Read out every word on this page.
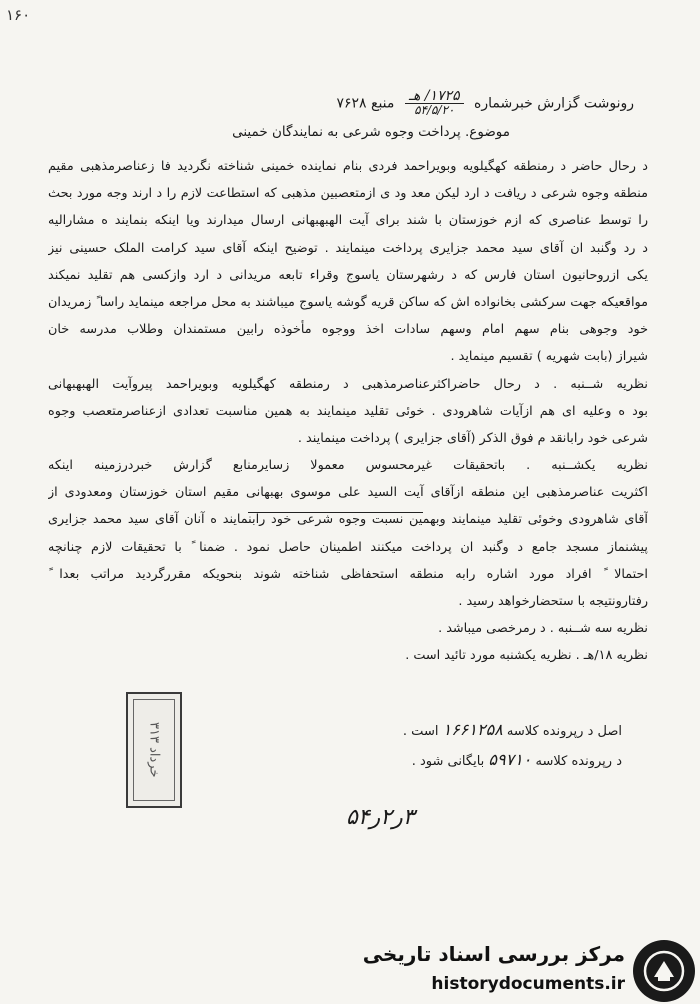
۱۶۰
رونوشت گزارش خبرشماره
۱۷۲۵/ هـ
۵۴/۵/۲۰
منبع ۷۶۲۸
موضوع. پرداخت وجوه شرعی به نمایندگان خمینی
د رحال حاضر د رمنطقه کهگیلویه وبویراحمد فردی بنام نماینده خمینی شناخته نگردید فا زعناصرمذهبی مقیم
منطقه وجوه شرعی د ریافت د ارد لیکن معد ود ی ازمتعصبین مذهبی که استطاعت لازم را د ارند وجه مورد بحث
را توسط عناصری که ازم خوزستان با شند برای آیت الهبهبهانی ارسال میدارند ویا اینکه بنمایند ه مشارالیه
د رد وگنبد ان آقای سید محمد جزایری پرداخت مینمایند . توضیح اینکه آقای سید کرامت الملک حسینی نیز
یکی ازروحانیون استان فارس که د رشهرستان یاسوج وقراء تابعه مریدانی د ارد وازکسی هم تقلید نمیکند
مواقعیکه جهت سرکشی بخانواده اش که ساکن قریه گوشه یاسوج میباشند به محل مراجعه مینماید راسا ً زمریدان
خود وجوهی بنام سهم امام وسهم سادات اخذ ووجوه مأخوذه رابین مستمندان وطلاب مدرسه خان
شیراز (بابت شهریه ) تقسیم مینماید .
نظریه شــنبه . د رحال حاضراکثرعناصرمذهبی د رمنطقه کهگیلویه وبویراحمد پیروآیت الهبهبهانی
بود ه وعلیه ای هم ازآیات شاهرودی . خوئی تقلید مینمایند به همین مناسبت تعدادی ازعناصرمتعصب وجوه
شرعی خود رابانقد م فوق الذکر (آقای جزایری ) پرداخت مینمایند .
نظریه یکشــنبه . باتحقیقات غیرمحسوس معمولا زسایرمنابع گزارش خبردرزمینه اینکه
اکثریت عناصرمذهبی این منطقه ازآقای آیت السید علی موسوی بهبهانی مقیم استان خوزستان ومعدودی از
آقای شاهرودی وخوئی تقلید مینمایند وبهمین نسبت وجوه شرعی خود رابنمایند ه آنان آقای سید محمد جزایری
پیشنماز مسجد جامع د وگنبد ان پرداخت میکنند اطمینان حاصل نمود . ضمنا ً با تحقیقات لازم چنانچه
احتمالا ً افراد مورد اشاره رابه منطقه استحفاظی شناخته شوند بنحویکه مقررگردید مراتب بعدا ً
رفتارونتیجه با ستحضارخواهد رسید .
نظریه سه شــنبه . د رمرخصی میباشد .
نظریه ۱۸/هـ . نظریه یکشنبه مورد تائید است .
اصل د رپرونده کلاسه ۱۶۶۱۲۵۸ است .
د رپرونده کلاسه ۵۹۷۱۰ بایگانی شود .
۳۱۳ خرداد
۳ر۲ر۵۴
مرکز بررسی اسناد تاریخی
historydocuments.ir
